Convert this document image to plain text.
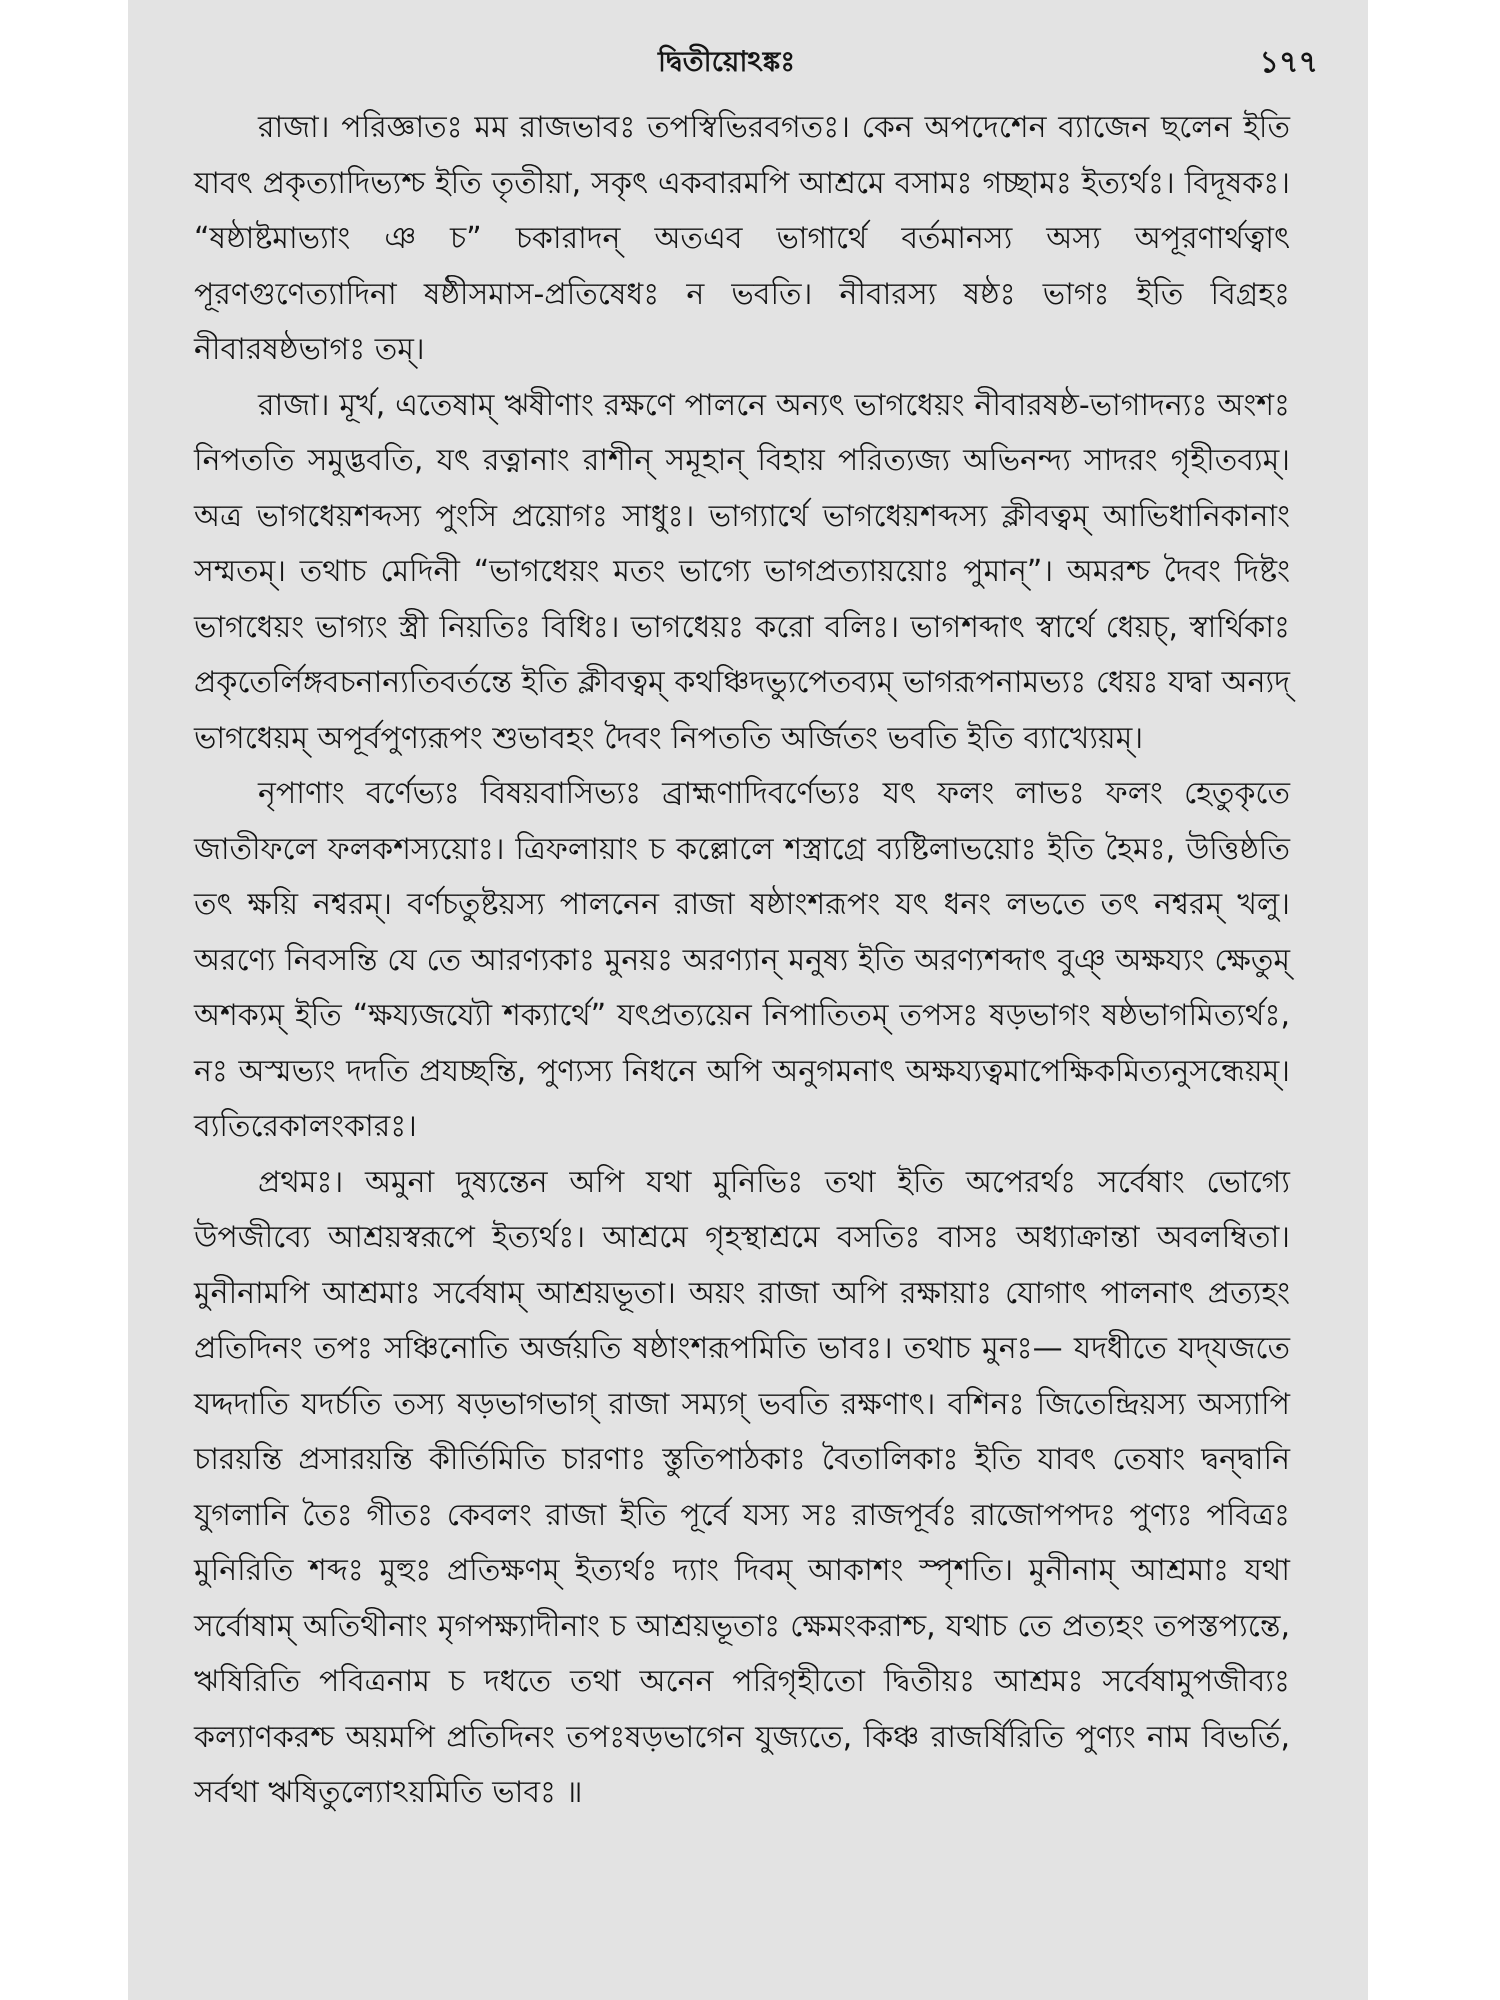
দ্বিতীয়োঽঙ্কঃ	১৭৭

রাজা। পরিজ্ঞাতঃ মম রাজভাবঃ তপস্বিভিরবগতঃ। কেন অপদেশেন ব্যাজেন ছলেন ইতি যাবৎ প্রকৃত্যাদিভ্যশ্চ ইতি তৃতীয়া, সকৃৎ একবারমপি আশ্রমে বসামঃ গচ্ছামঃ ইত্যর্থঃ। বিদূষকঃ। “ষষ্ঠাষ্টমাভ্যাং ঞ চ” চকারাদন্ অতএব ভাগার্থে বর্তমানস্য অস্য অপূরণার্থত্বাৎ পূরণগুণেত্যাদিনা ষষ্ঠীসমাস-প্রতিষেধঃ ন ভবতি। নীবারস্য ষষ্ঠঃ ভাগঃ ইতি বিগ্রহঃ নীবারষষ্ঠভাগঃ তম্।

রাজা। মূর্খ, এতেষাম্ ঋষীণাং রক্ষণে পালনে অন্যৎ ভাগধেয়ং নীবারষষ্ঠ-ভাগাদন্যঃ অংশঃ নিপততি সমুদ্ভবতি, যৎ রত্নানাং রাশীন্ সমূহান্ বিহায় পরিত্যজ্য অভিনন্দ্য সাদরং গৃহীতব্যম্। অত্র ভাগধেয়শব্দস্য পুংসি প্রয়োগঃ সাধুঃ। ভাগ্যার্থে ভাগধেয়শব্দস্য ক্লীবত্বম্ আভিধানিকানাং সম্মতম্। তথাচ মেদিনী “ভাগধেয়ং মতং ভাগ্যে ভাগপ্রত্যায়য়োঃ পুমান্”। অমরশ্চ দৈবং দিষ্টং ভাগধেয়ং ভাগ্যং স্ত্রী নিয়তিঃ বিধিঃ। ভাগধেয়ঃ করো বলিঃ। ভাগশব্দাৎ স্বার্থে ধেয়চ্, স্বার্থিকাঃ প্রকৃতের্লিঙ্গবচনান্যতিবর্তন্তে ইতি ক্লীবত্বম্ কথঞ্চিদভ্যুপেতব্যম্ ভাগরূপনামভ্যঃ ধেয়ঃ যদ্বা অন্যদ্ ভাগধেয়ম্ অপূর্বপুণ্যরূপং শুভাবহং দৈবং নিপততি অর্জিতং ভবতি ইতি ব্যাখ্যেয়ম্।

নৃপাণাং বর্ণেভ্যঃ বিষয়বাসিভ্যঃ ব্রাহ্মণাদিবর্ণেভ্যঃ যৎ ফলং লাভঃ ফলং হেতুকৃতে জাতীফলে ফলকশস্যয়োঃ। ত্রিফলায়াং চ কল্লোলে শস্ত্রাগ্রে ব্যষ্টিলাভয়োঃ ইতি হৈমঃ, উত্তিষ্ঠতি তৎ ক্ষয়ি নশ্বরম্। বর্ণচতুষ্টয়স্য পালনেন রাজা ষষ্ঠাংশরূপং যৎ ধনং লভতে তৎ নশ্বরম্ খলু। অরণ্যে নিবসন্তি যে তে আরণ্যকাঃ মুনয়ঃ অরণ্যান্ মনুষ্য ইতি অরণ্যশব্দাৎ বুঞ্ অক্ষয্যং ক্ষেতুম্ অশক্যম্ ইতি “ক্ষয্যজয্যৌ শক্যার্থে” যৎপ্রত্যয়েন নিপাতিতম্ তপসঃ ষড়ভাগং ষষ্ঠভাগমিত্যর্থঃ, নঃ অস্মভ্যং দদতি প্রযচ্ছন্তি, পুণ্যস্য নিধনে অপি অনুগমনাৎ অক্ষয্যত্বমাপেক্ষিকমিত্যনুসন্ধেয়ম্। ব্যতিরেকালংকারঃ।

প্রথমঃ। অমুনা দুষ্যন্তেন অপি যথা মুনিভিঃ তথা ইতি অপেরর্থঃ সর্বেষাং ভোগ্যে উপজীব্যে আশ্রয়স্বরূপে ইত্যর্থঃ। আশ্রমে গৃহস্থাশ্রমে বসতিঃ বাসঃ অধ্যাক্রান্তা অবলম্বিতা। মুনীনামপি আশ্রমাঃ সর্বেষাম্ আশ্রয়ভূতা। অয়ং রাজা অপি রক্ষায়াঃ যোগাৎ পালনাৎ প্রত্যহং প্রতিদিনং তপঃ সঞ্চিনোতি অর্জয়তি ষষ্ঠাংশরূপমিতি ভাবঃ। তথাচ মুনঃ— যদধীতে যদ্‌যজতে যদ্দদাতি যদর্চতি তস্য ষড়ভাগভাগ্ রাজা সম্যগ্ ভবতি রক্ষণাৎ। বশিনঃ জিতেন্দ্রিয়স্য অস্যাপি চারয়ন্তি প্রসারয়ন্তি কীর্তিমিতি চারণাঃ স্তুতিপাঠকাঃ বৈতালিকাঃ ইতি যাবৎ তেষাং দ্বন্দ্বানি যুগলানি তৈঃ গীতঃ কেবলং রাজা ইতি পূর্বে যস্য সঃ রাজপূর্বঃ রাজোপপদঃ পুণ্যঃ পবিত্রঃ মুনিরিতি শব্দঃ মুহুঃ প্রতিক্ষণম্ ইত্যর্থঃ দ্যাং দিবম্ আকাশং স্পৃশতি। মুনীনাম্ আশ্রমাঃ যথা সর্বোষাম্ অতিথীনাং মৃগপক্ষ্যাদীনাং চ আশ্রয়ভূতাঃ ক্ষেমংকরাশ্চ, যথাচ তে প্রত্যহং তপস্তপ্যন্তে, ঋষিরিতি পবিত্রনাম চ দধতে তথা অনেন পরিগৃহীতো দ্বিতীয়ঃ আশ্রমঃ সর্বেষামুপজীব্যঃ কল্যাণকরশ্চ অয়মপি প্রতিদিনং তপঃষড়ভাগেন যুজ্যতে, কিঞ্চ রাজর্ষিরিতি পুণ্যং নাম বিভর্তি, সর্বথা ঋষিতুল্যোঽয়মিতি ভাবঃ ॥
